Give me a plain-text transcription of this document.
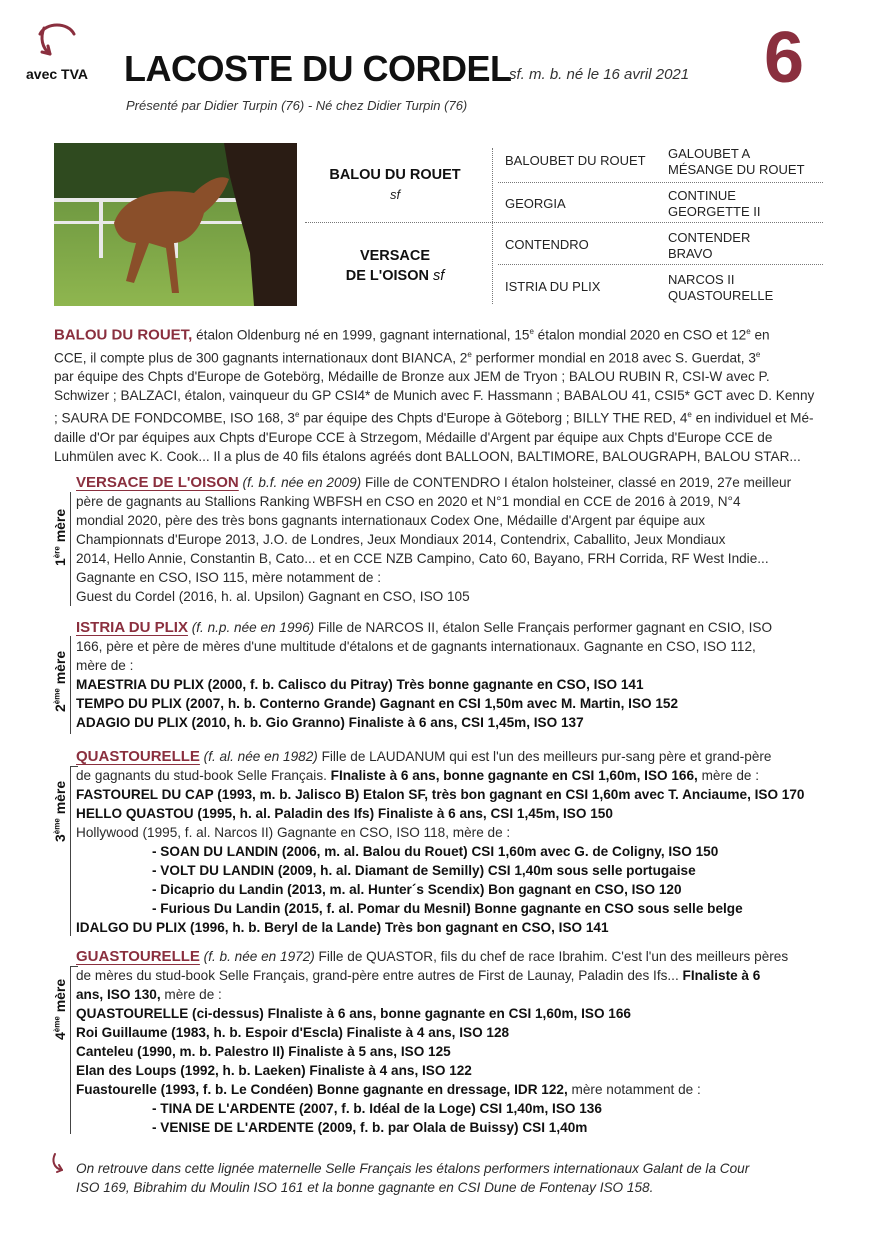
avec TVA LACOSTE DU CORDEL
sf. m. b. né le 16 avril 2021 6
Présenté par Didier Turpin (76) - Né chez Didier Turpin (76)
BALOU DU ROUET
sf
VERSACE
DE L'OISON sf
BALOUBET DU ROUET
GEORGIA
CONTENDRO
ISTRIA DU PLIX
GALOUBET A
MÉSANGE DU ROUET
CONTINUE
GEORGETTE II
CONTENDER
BRAVO
NARCOS II
QUASTOURELLE
BALOU DU ROUET, étalon Oldenburg né en 1999, gagnant international, 15e étalon mondial 2020 en CSO et 12e en
CCE, il compte plus de 300 gagnants internationaux dont BIANCA, 2e performer mondial en 2018 avec S. Guerdat, 3e
par équipe des Chpts d'Europe de Gotebörg, Médaille de Bronze aux JEM de Tryon ; BALOU RUBIN R, CSI-W avec P.
Schwizer ; BALZACI, étalon, vainqueur du GP CSI4* de Munich avec F. Hassmann ; BABALOU 41, CSI5* GCT avec D. Kenny
; SAURA DE FONDCOMBE, ISO 168, 3e par équipe des Chpts d'Europe à Göteborg ; BILLY THE RED, 4e en individuel et Mé-
daille d'Or par équipes aux Chpts d'Europe CCE à Strzegom, Médaille d'Argent par équipe aux Chpts d'Europe CCE de
Luhmülen avec K. Cook... Il a plus de 40 fils étalons agréés dont BALLOON, BALTIMORE, BALOUGRAPH, BALOU STAR...
1ère mère
VERSACE DE L'OISON (f. b.f. née en 2009) Fille de CONTENDRO I étalon holsteiner, classé en 2019, 27e meilleur
père de gagnants au Stallions Ranking WBFSH en CSO en 2020 et N°1 mondial en CCE de 2016 à 2019, N°4
mondial 2020, père des très bons gagnants internationaux Codex One, Médaille d'Argent par équipe aux
Championnats d'Europe 2013, J.O. de Londres, Jeux Mondiaux 2014, Contendrix, Caballito, Jeux Mondiaux
2014, Hello Annie, Constantin B, Cato... et en CCE NZB Campino, Cato 60, Bayano, FRH Corrida, RF West Indie...
Gagnante en CSO, ISO 115, mère notamment de :
Guest du Cordel (2016, h. al. Upsilon) Gagnant en CSO, ISO 105
2ème mère
ISTRIA DU PLIX (f. n.p. née en 1996) Fille de NARCOS II, étalon Selle Français performer gagnant en CSIO, ISO
166, père et père de mères d'une multitude d'étalons et de gagnants internationaux. Gagnante en CSO, ISO 112,
mère de :
MAESTRIA DU PLIX (2000, f. b. Calisco du Pitray) Très bonne gagnante en CSO, ISO 141
TEMPO DU PLIX (2007, h. b. Conterno Grande) Gagnant en CSI 1,50m avec M. Martin, ISO 152
ADAGIO DU PLIX (2010, h. b. Gio Granno) Finaliste à 6 ans, CSI 1,45m, ISO 137
3ème mère
QUASTOURELLE (f. al. née en 1982) Fille de LAUDANUM qui est l'un des meilleurs pur-sang père et grand-père
de gagnants du stud-book Selle Français. FInaliste à 6 ans, bonne gagnante en CSI 1,60m, ISO 166, mère de :
FASTOUREL DU CAP (1993, m. b. Jalisco B) Etalon SF, très bon gagnant en CSI 1,60m avec T. Anciaume, ISO 170
HELLO QUASTOU (1995, h. al. Paladin des Ifs) Finaliste à 6 ans, CSI 1,45m, ISO 150
Hollywood (1995, f. al. Narcos II) Gagnante en CSO, ISO 118, mère de :
- SOAN DU LANDIN (2006, m. al. Balou du Rouet) CSI 1,60m avec G. de Coligny, ISO 150
- VOLT DU LANDIN (2009, h. al. Diamant de Semilly) CSI 1,40m sous selle portugaise
- Dicaprio du Landin (2013, m. al. Hunter´s Scendix) Bon gagnant en CSO, ISO 120
- Furious Du Landin (2015, f. al. Pomar du Mesnil) Bonne gagnante en CSO sous selle belge
IDALGO DU PLIX (1996, h. b. Beryl de la Lande) Très bon gagnant en CSO, ISO 141
4ème mère
GUASTOURELLE (f. b. née en 1972) Fille de QUASTOR, fils du chef de race Ibrahim. C'est l'un des meilleurs pères
de mères du stud-book Selle Français, grand-père entre autres de First de Launay, Paladin des Ifs... FInaliste à 6
ans, ISO 130, mère de :
QUASTOURELLE (ci-dessus) FInaliste à 6 ans, bonne gagnante en CSI 1,60m, ISO 166
Roi Guillaume (1983, h. b. Espoir d'Escla) Finaliste à 4 ans, ISO 128
Canteleu (1990, m. b. Palestro II) Finaliste à 5 ans, ISO 125
Elan des Loups (1992, h. b. Laeken) Finaliste à 4 ans, ISO 122
Fuastourelle (1993, f. b. Le Condéen) Bonne gagnante en dressage, IDR 122, mère notamment de :
- TINA DE L'ARDENTE (2007, f. b. Idéal de la Loge) CSI 1,40m, ISO 136
- VENISE DE L'ARDENTE (2009, f. b. par Olala de Buissy) CSI 1,40m
On retrouve dans cette lignée maternelle Selle Français les étalons performers internationaux Galant de la Cour
ISO 169, Bibrahim du Moulin ISO 161 et la bonne gagnante en CSI Dune de Fontenay ISO 158.
